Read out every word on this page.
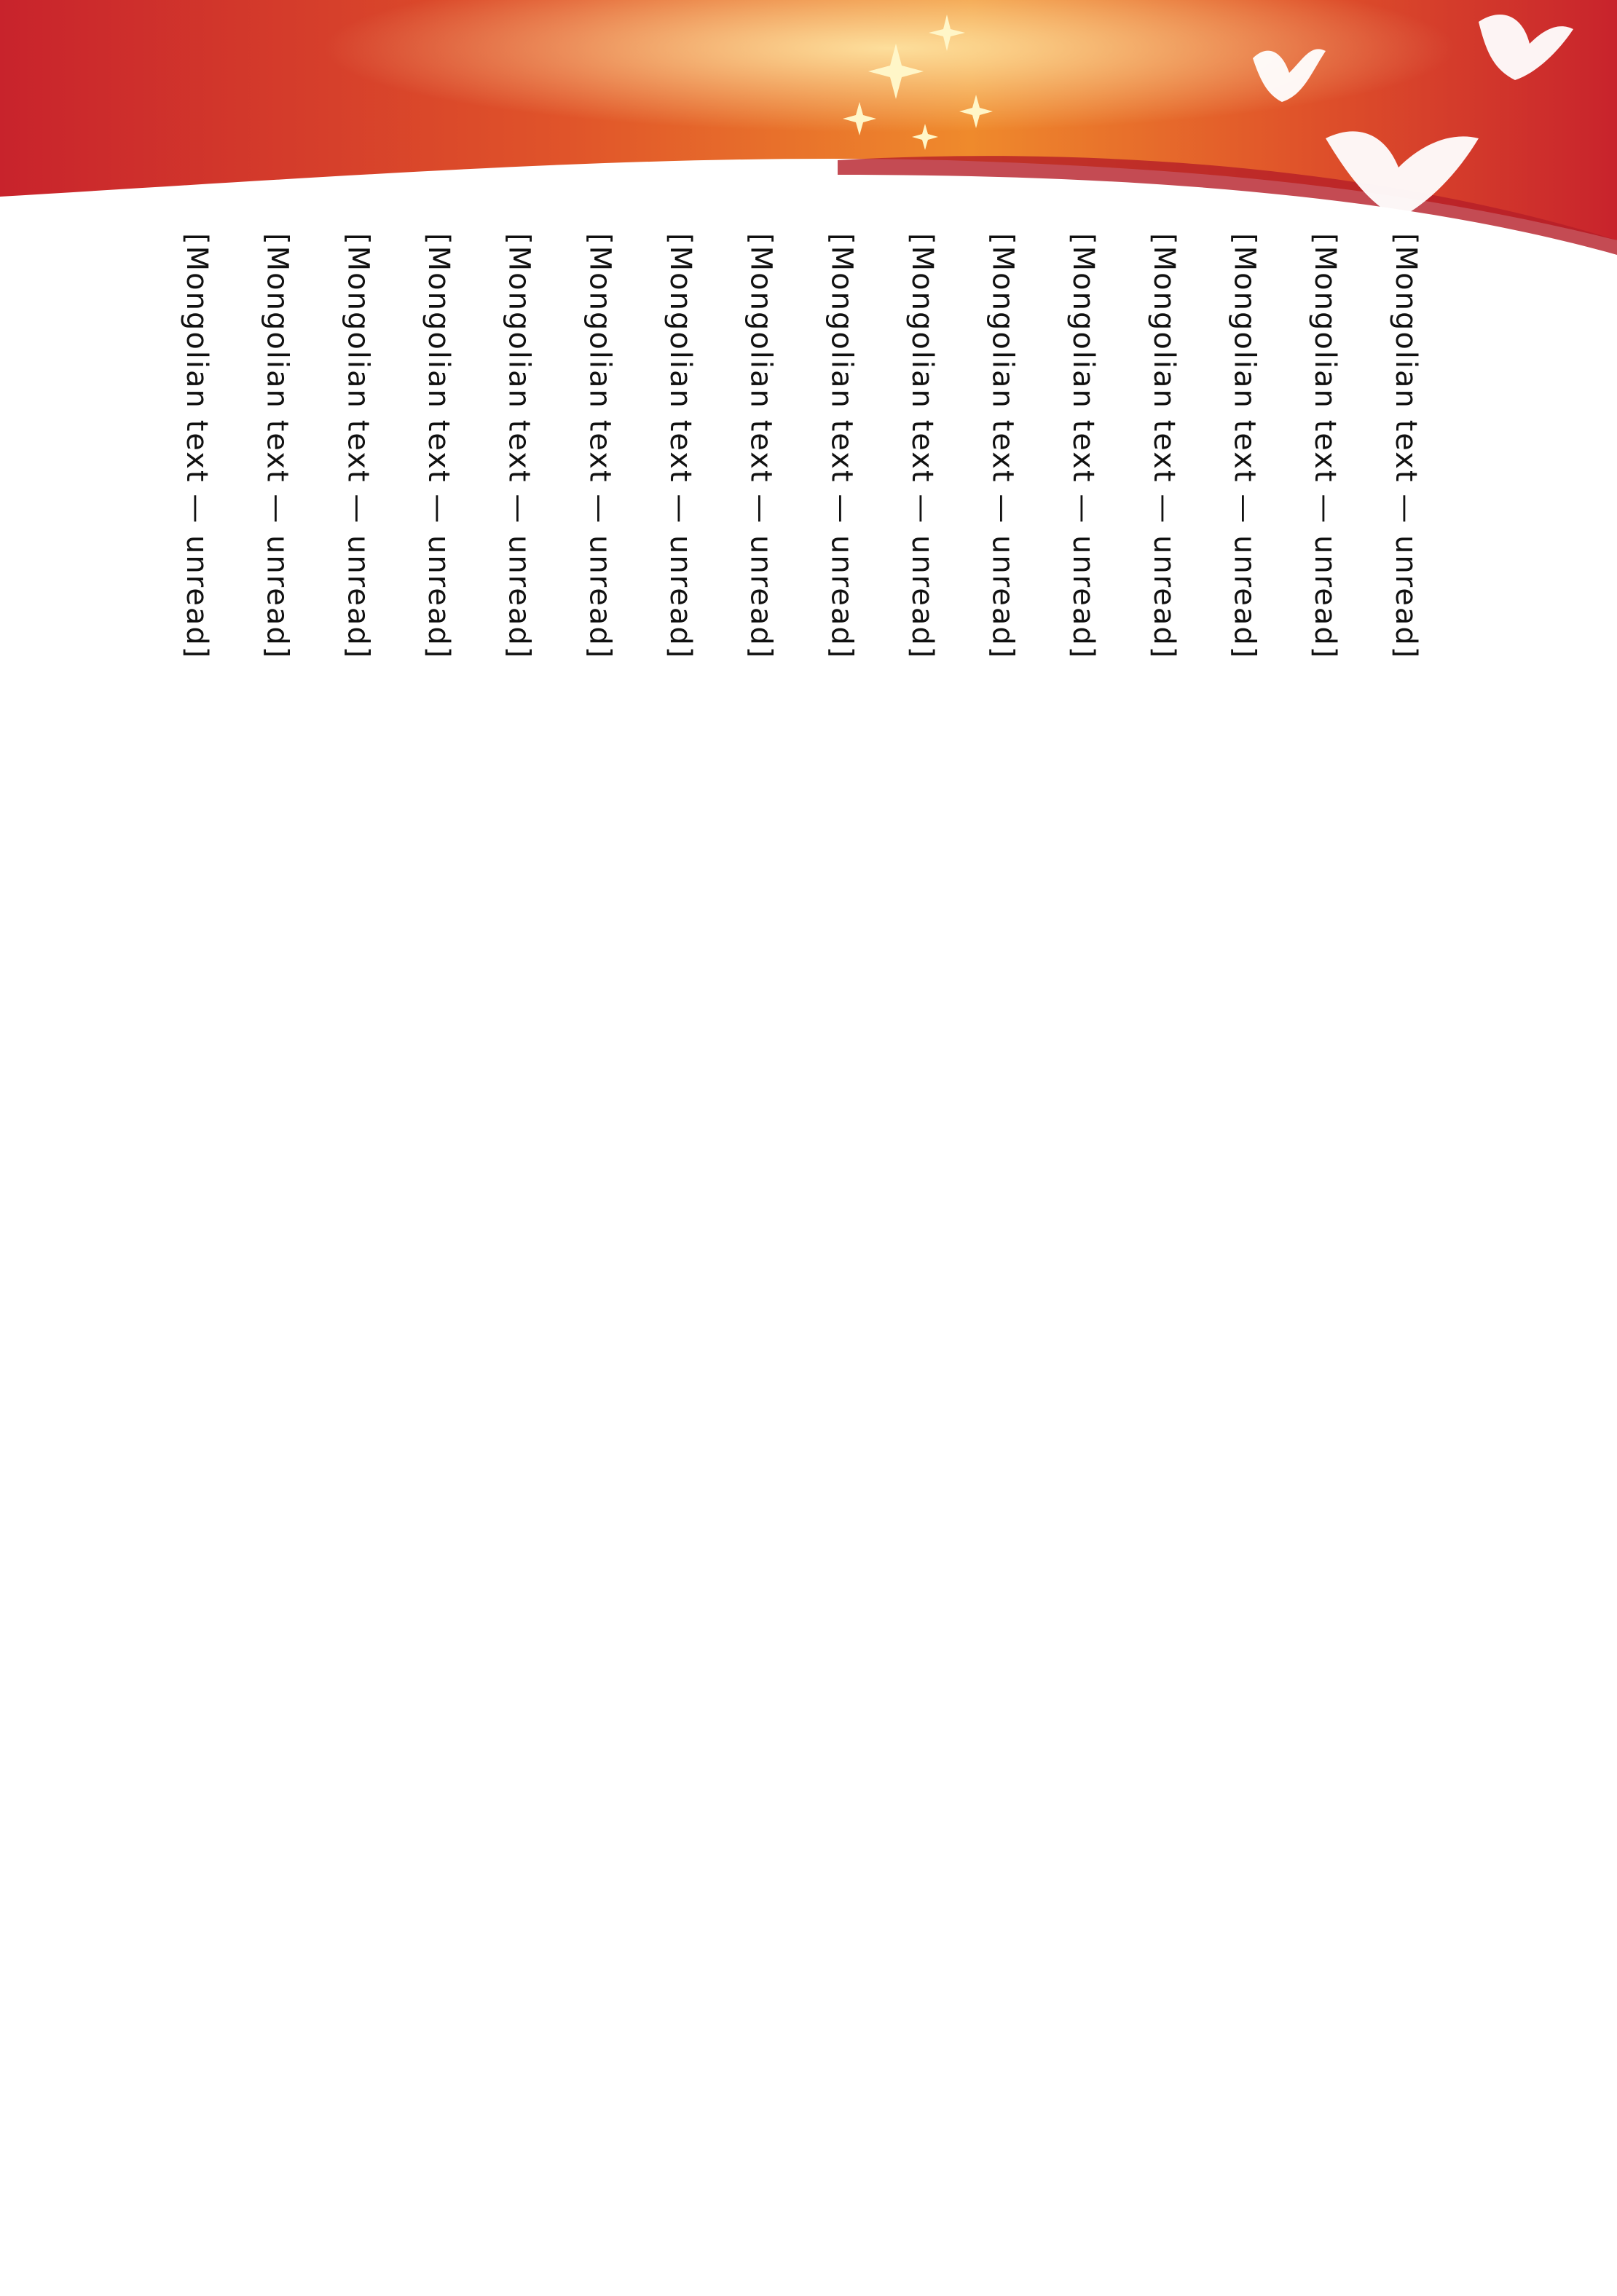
[Mongolian text — unread] [Mongolian text — unread] [Mongolian text — unread] [Mongolian text — unread] [Mongolian text — unread] [Mongolian text — unread] [Mongolian text — unread] [Mongolian text — unread] [Mongolian text — unread] [Mongolian text — unread] [Mongolian text — unread] [Mongolian text — unread] [Mongolian text — unread] [Mongolian text — unread] [Mongolian text — unread] [Mongolian text — unread]
